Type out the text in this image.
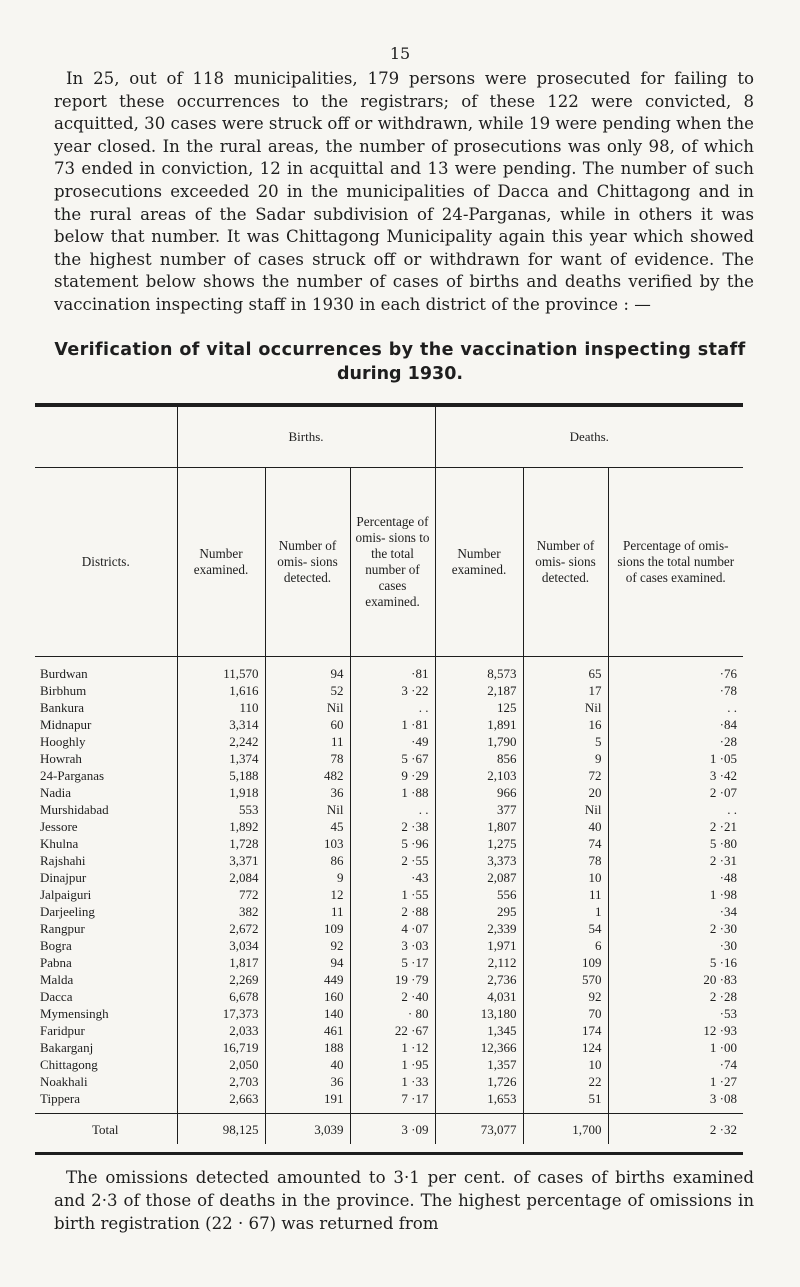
15

In 25, out of 118 municipalities, 179 persons were prosecuted for failing to report these occurrences to the registrars; of these 122 were convicted, 8 acquitted, 30 cases were struck off or withdrawn, while 19 were pending when the year closed. In the rural areas, the number of prosecutions was only 98, of which 73 ended in conviction, 12 in acquittal and 13 were pending. The number of such prosecutions exceeded 20 in the municipalities of Dacca and Chittagong and in the rural areas of the Sadar subdivision of 24-Parganas, while in others it was below that number. It was Chittagong Municipality again this year which showed the highest number of cases struck off or withdrawn for want of evidence. The statement below shows the number of cases of births and deaths verified by the vaccination inspecting staff in 1930 in each district of the province : —

Verification of vital occurrences by the vaccination inspecting staff
during 1930.
	Births.			Deaths.		
Districts.	Number examined.	Number of omis- sions detected.	Percentage of omis- sions to the total number of cases examined.	Number examined.	Number of omis- sions detected.	Percentage of omis- sions the total number of cases examined.
Burdwan	11,570	94	·81	8,573	65	·76
Birbhum	1,616	52	3 ·22	2,187	17	·78
Bankura	110	Nil	. .	125	Nil	. .
Midnapur	3,314	60	1 ·81	1,891	16	·84
Hooghly	2,242	11	·49	1,790	5	·28
Howrah	1,374	78	5 ·67	856	9	1 ·05
24-Parganas	5,188	482	9 ·29	2,103	72	3 ·42
Nadia	1,918	36	1 ·88	966	20	2 ·07
Murshidabad	553	Nil	. .	377	Nil	. .
Jessore	1,892	45	2 ·38	1,807	40	2 ·21
Khulna	1,728	103	5 ·96	1,275	74	5 ·80
Rajshahi	3,371	86	2 ·55	3,373	78	2 ·31
Dinajpur	2,084	9	·43	2,087	10	·48
Jalpaiguri	772	12	1 ·55	556	11	1 ·98
Darjeeling	382	11	2 ·88	295	1	·34
Rangpur	2,672	109	4 ·07	2,339	54	2 ·30
Bogra	3,034	92	3 ·03	1,971	6	·30
Pabna	1,817	94	5 ·17	2,112	109	5 ·16
Malda	2,269	449	19 ·79	2,736	570	20 ·83
Dacca	6,678	160	2 ·40	4,031	92	2 ·28
Mymensingh	17,373	140	· 80	13,180	70	·53
Faridpur	2,033	461	22 ·67	1,345	174	12 ·93
Bakarganj	16,719	188	1 ·12	12,366	124	1 ·00
Chittagong	2,050	40	1 ·95	1,357	10	·74
Noakhali	2,703	36	1 ·33	1,726	22	1 ·27
Tippera	2,663	191	7 ·17	1,653	51	3 ·08
Total	98,125	3,039	3 ·09	73,077	1,700	2 ·32

The omissions detected amounted to 3·1 per cent. of cases of births examined and 2·3 of those of deaths in the province. The highest percentage of omissions in birth registration (22 · 67) was returned from
